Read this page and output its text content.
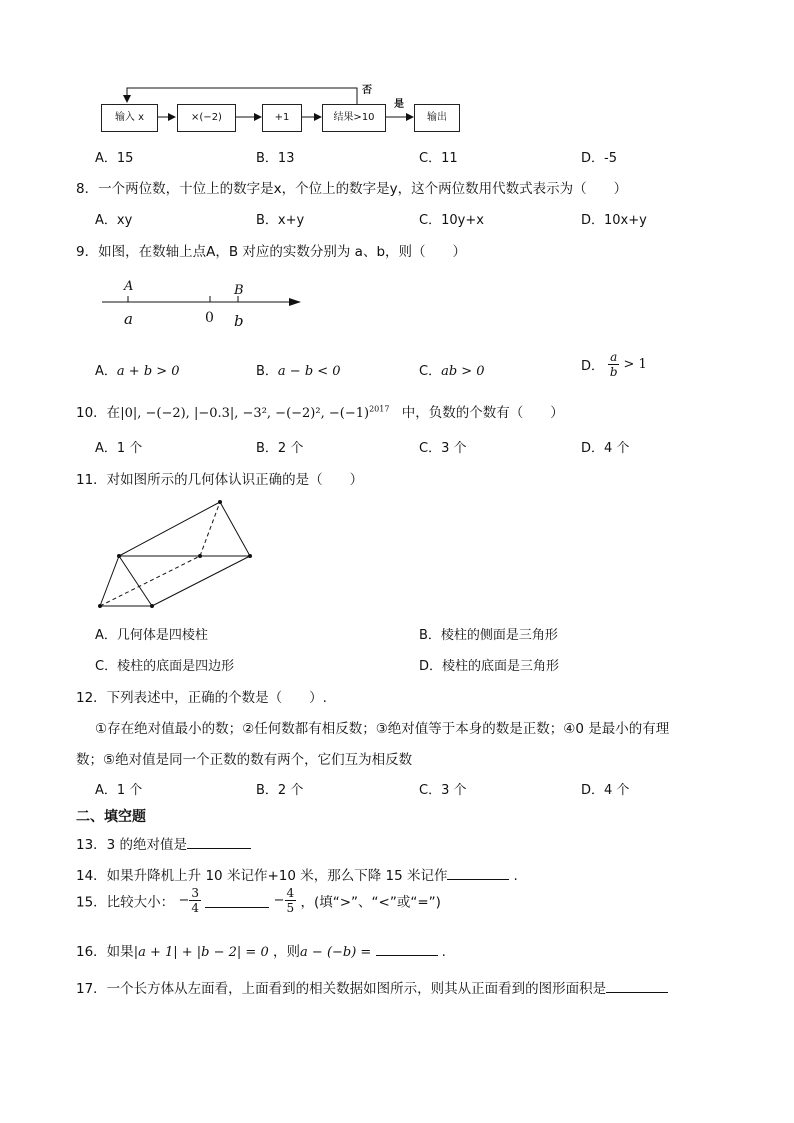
输入 x	×(−2)	+1	结果>10	输出
否
是
A．15	B．13	C．11	D．-5
8．一个两位数，十位上的数字是x，个位上的数字是y，这个两位数用代数式表示为（　　）
A．xy	B．x+y	C．10y+x	D．10x+y
9．如图，在数轴上点A，B 对应的实数分别为 a、b，则（　　）
A	B
a	0 b
A．a + b > 0	B．a − b < 0	C．ab > 0	D． $\frac{a}{b} > 1$
10．在|0|, −(−2), |−0.3|, −3², −(−2)², $-(-1)^{2017}$ 中，负数的个数有（　　）
A．1 个	B．2 个	C．3 个	D．4 个
11．对如图所示的几何体认识正确的是（　　）
A．几何体是四棱柱	B．棱柱的侧面是三角形
C．棱柱的底面是四边形	D．棱柱的底面是三角形
12．下列表述中，正确的个数是（　　）.
①存在绝对值最小的数；②任何数都有相反数；③绝对值等于本身的数是正数；④0 是最小的有理
数；⑤绝对值是同一个正数的数有两个，它们互为相反数
A．1 个	B．2 个	C．3 个	D．4 个
二、填空题
13．3 的绝对值是
14．如果升降机上升 10 米记作+10 米，那么下降 15 米记作	.
15．比较大小： − $\frac{3}{4}$	− $\frac{4}{5}$ ，(填“>”、“<”或“=”)
16．如果|a + 1| + |b − 2| = 0 ，则a − (−b) =	.
17．一个长方体从左面看，上面看到的相关数据如图所示，则其从正面看到的图形面积是
